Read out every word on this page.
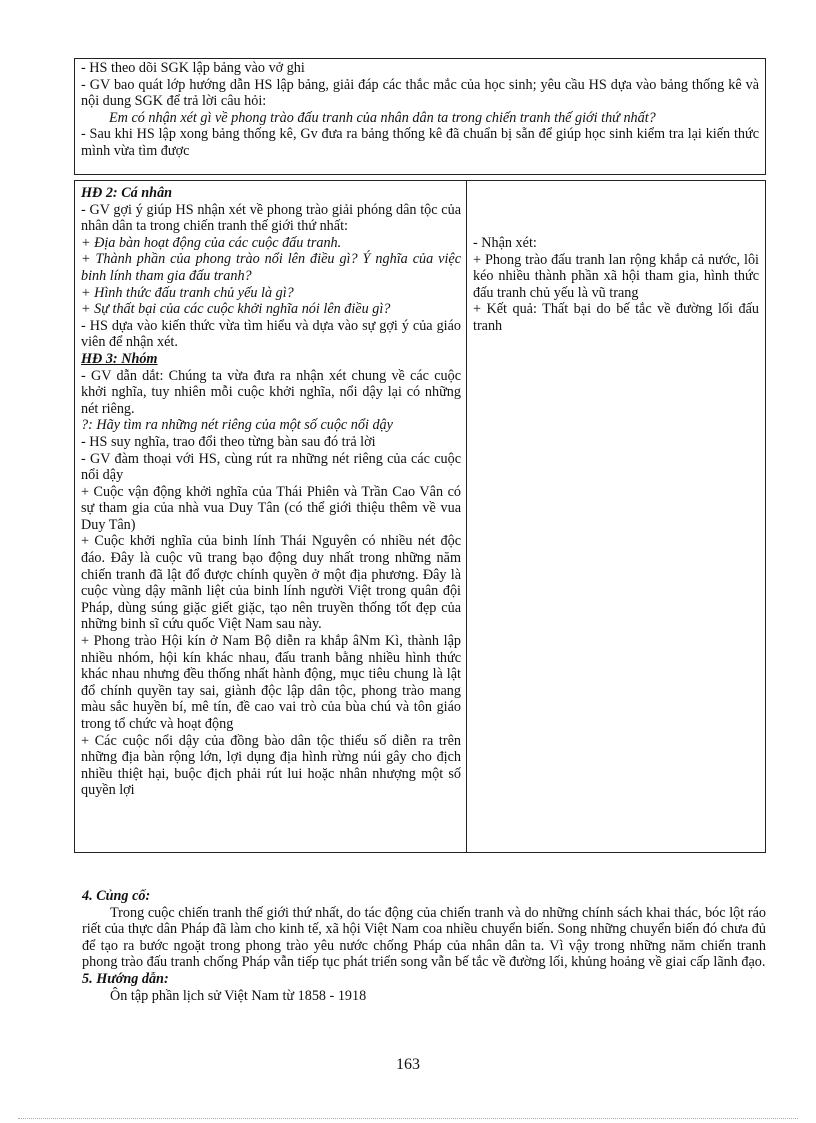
- HS theo dõi SGK lập bảng vào vở ghi

- GV bao quát lớp hướng dẫn HS lập bảng, giải đáp các thắc mắc của học sinh; yêu cầu HS dựa vào bảng thống kê và nội dung SGK để trả lời câu hỏi:

Em có nhận xét gì về phong trào đấu tranh của nhân dân ta trong chiến tranh thế giới thứ nhất?

- Sau khi HS lập xong bảng thống kê, Gv đưa ra bảng thống kê đã chuẩn bị sẵn để giúp học sinh kiểm tra lại kiến thức mình vừa tìm được

HĐ 2: Cá nhân

- GV gợi ý giúp HS nhận xét về phong trào giải phóng dân tộc của nhân dân ta trong chiến tranh thế giới thứ nhất:

+ Địa bàn hoạt động của các cuộc đấu tranh.

+ Thành phần của phong trào nổi lên điều gì? Ý nghĩa của việc binh lính tham gia đấu tranh?

+ Hình thức đấu tranh chủ yếu là gì?

+ Sự thất bại của các cuộc khởi nghĩa nói lên điều gì?

- HS dựa vào kiến thức vừa tìm hiểu và dựa vào sự gợi ý của giáo viên để nhận xét.

HĐ 3: Nhóm

- GV dẫn dắt: Chúng ta vừa đưa ra nhận xét chung về các cuộc khởi nghĩa, tuy nhiên mỗi cuộc khởi nghĩa, nổi dậy lại có những nét riêng.

?: Hãy tìm ra những nét riêng của một số cuộc nổi dậy

- HS suy nghĩa, trao đổi theo từng bàn sau đó trả lời

- GV đàm thoại với HS, cùng rút ra những nét riêng của các cuộc nổi dậy

+ Cuộc vận động khởi nghĩa của Thái Phiên và Trần Cao Vân có sự tham gia của nhà vua Duy Tân (có thể giới thiệu thêm về vua Duy Tân)

+ Cuộc khởi nghĩa của binh lính Thái Nguyên có nhiều nét độc đáo. Đây là cuộc vũ trang bạo động duy nhất trong những năm chiến tranh đã lật đổ được chính quyền ở một địa phương. Đây là cuộc vùng dậy mãnh liệt của binh lính người Việt trong quân đội Pháp, dùng súng giặc giết giặc, tạo nên truyền thống tốt đẹp của những binh sĩ cứu quốc Việt Nam sau này.

+ Phong trào Hội kín ở Nam Bộ diễn ra khắp âNm Kì, thành lập nhiều nhóm, hội kín khác nhau, đấu tranh bằng nhiều hình thức khác nhau nhưng đều thống nhất hành động, mục tiêu chung là lật đổ chính quyền tay sai, giành độc lập dân tộc, phong trào mang màu sắc huyền bí, mê tín, đề cao vai trò của bùa chú và tôn giáo trong tổ chức và hoạt động

+ Các cuộc nổi dậy của đồng bào dân tộc thiểu số diễn ra trên những địa bàn rộng lớn, lợi dụng địa hình rừng núi gây cho địch nhiều thiệt hại, buộc địch phải rút lui hoặc nhân nhượng một số quyền lợi

- Nhận xét:

+ Phong trào đấu tranh lan rộng khắp cả nước, lôi kéo nhiều thành phần xã hội tham gia, hình thức đấu tranh chủ yếu là vũ trang

+ Kết quả: Thất bại do bế tắc về đường lối đấu tranh

4. Củng cố:

Trong cuộc chiến tranh thế giới thứ nhất, do tác động của chiến tranh và do những chính sách khai thác, bóc lột ráo riết của thực dân Pháp đã làm cho kinh tế, xã hội Việt Nam coa nhiều chuyển biến. Song những chuyển biến đó chưa đủ để tạo ra bước ngoặt trong phong trào yêu nước chống Pháp của nhân dân ta. Vì vậy trong những năm chiến tranh phong trào đấu tranh chống Pháp vẫn tiếp tục phát triển song vẫn bế tắc về đường lối, khủng hoảng về giai cấp lãnh đạo.

5. Hướng dẫn:

Ôn tập phần lịch sử Việt Nam từ 1858 - 1918

163
